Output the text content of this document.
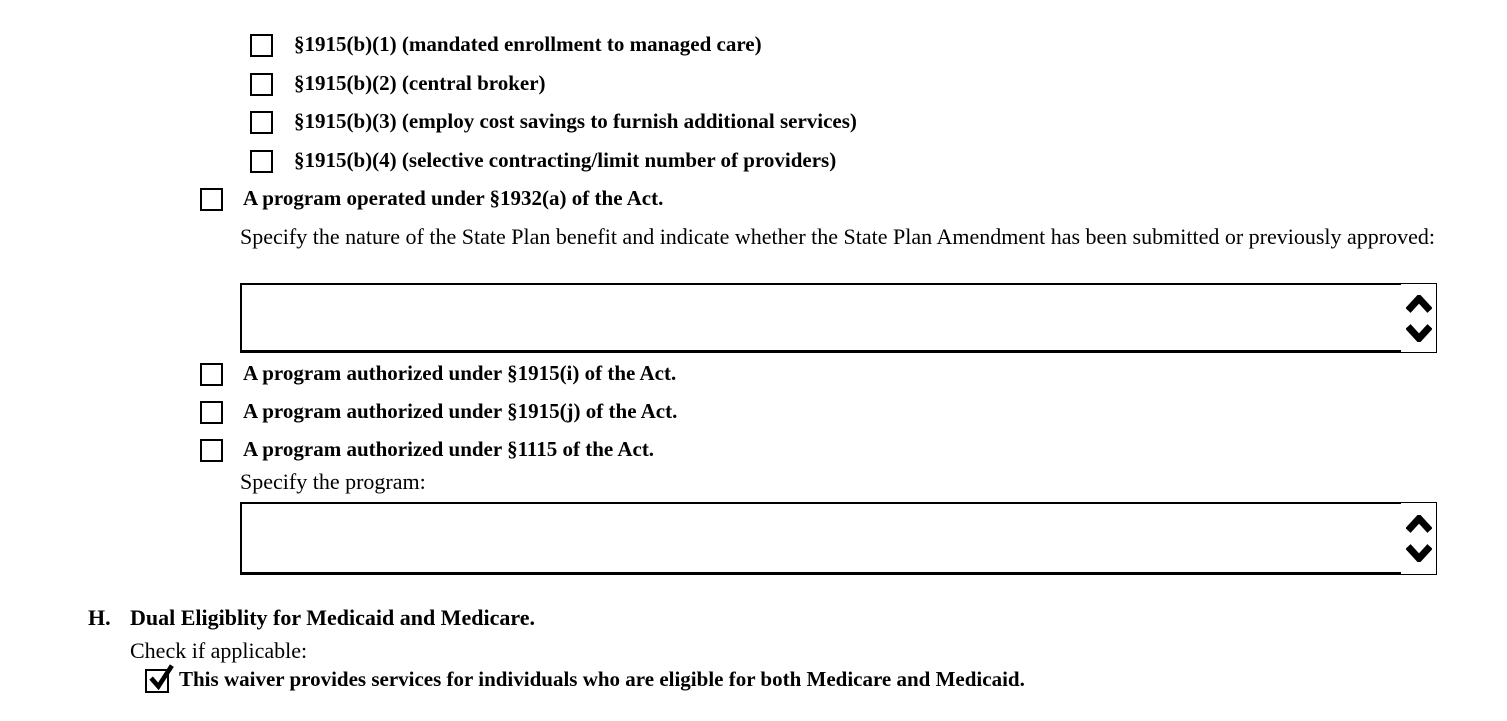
§1915(b)(1) (mandated enrollment to managed care)
§1915(b)(2) (central broker)
§1915(b)(3) (employ cost savings to furnish additional services)
§1915(b)(4) (selective contracting/limit number of providers)
A program operated under §1932(a) of the Act.
Specify the nature of the State Plan benefit and indicate whether the State Plan Amendment has been submitted or previously approved:
A program authorized under §1915(i) of the Act.
A program authorized under §1915(j) of the Act.
A program authorized under §1115 of the Act.
Specify the program:
H. Dual Eligiblity for Medicaid and Medicare.
Check if applicable:
This waiver provides services for individuals who are eligible for both Medicare and Medicaid.
